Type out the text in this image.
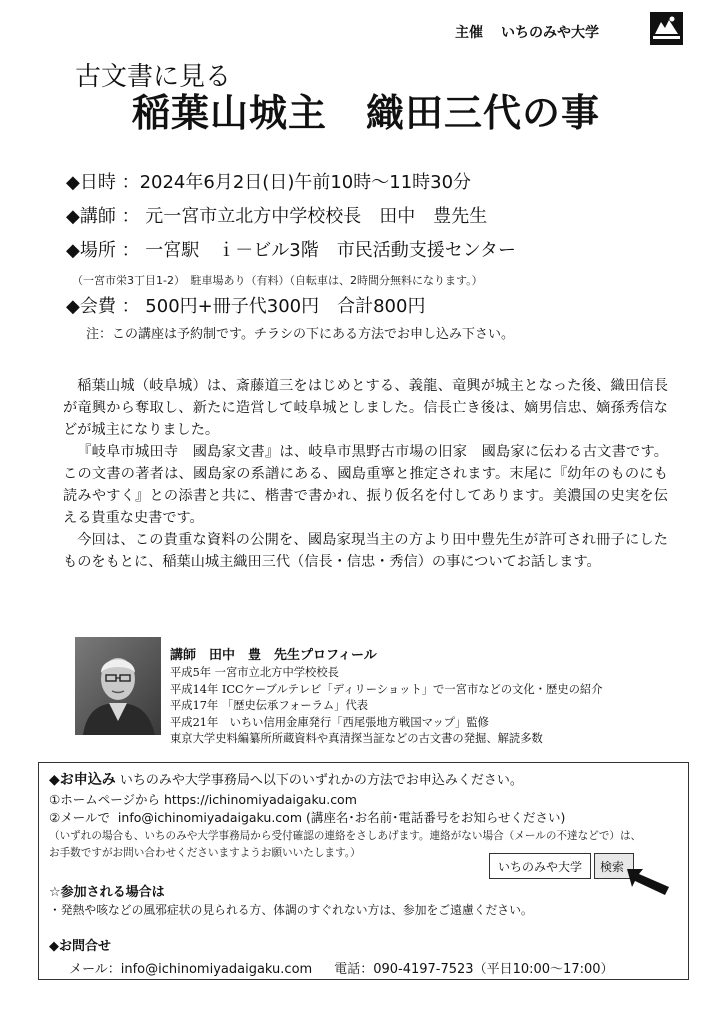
主催 いちのみや大学
古文書に見る
稲葉山城主　織田三代の事
◆日時 ：2024年6月2日(日)午前10時～11時30分
◆講師 ： 元一宮市立北方中学校校長　田中　豊先生
◆場所 ： 一宮駅　ｉ－ビル3階　市民活動支援センター
（一宮市栄3丁目1-2）　駐車場あり（有料）（自転車は、2時間分無料になります。）
◆会費 ： 500円+冊子代300円　合計800円
注：この講座は予約制です。チラシの下にある方法でお申し込み下さい。

稲葉山城（岐阜城）は、斎藤道三をはじめとする、義龍、竜興が城主となった後、織田信長が竜興から奪取し、新たに造営して岐阜城としました。信長亡き後は、嫡男信忠、嫡孫秀信などが城主になりました。

『岐阜市城田寺　國島家文書』は、岐阜市黒野古市場の旧家　國島家に伝わる古文書です。この文書の著者は、國島家の系譜にある、國島重寧と推定されます。末尾に『幼年のものにも読みやすく』との添書と共に、楷書で書かれ、振り仮名を付してあります。美濃国の史実を伝える貴重な史書です。

今回は、この貴重な資料の公開を、國島家現当主の方より田中豊先生が許可され冊子にしたものをもとに、稲葉山城主織田三代（信長・信忠・秀信）の事についてお話します。

講師　田中　豊　先生プロフィール
平成5年 一宮市立北方中学校校長
平成14年 ICCケーブルテレビ「ディリーショット」で一宮市などの文化・歴史の紹介
平成17年 「歴史伝承フォーラム」代表
平成21年　いちい信用金庫発行「西尾張地方戦国マップ」監修
東京大学史料編纂所所蔵資料や真清探当証などの古文書の発掘、解読多数
◆お申込み いちのみや大学事務局へ以下のいずれかの方法でお申込みください。
①ホームページから https://ichinomiyadaigaku.com
②メールで info@ichinomiyadaigaku.com (講座名･お名前･電話番号をお知らせください)
（いずれの場合も、いちのみや大学事務局から受付確認の連絡をさしあげます。連絡がない場合（メールの不達などで）は、
お手数ですがお問い合わせくださいますようお願いいたします。）
いちのみや大学	検索
☆参加される場合は
・発熱や咳などの風邪症状の見られる方、体調のすぐれない方は、参加をご遠慮ください。
◆お問合せ
メール：info@ichinomiyadaigaku.com 電話：090-4197-7523（平日10:00～17:00）
